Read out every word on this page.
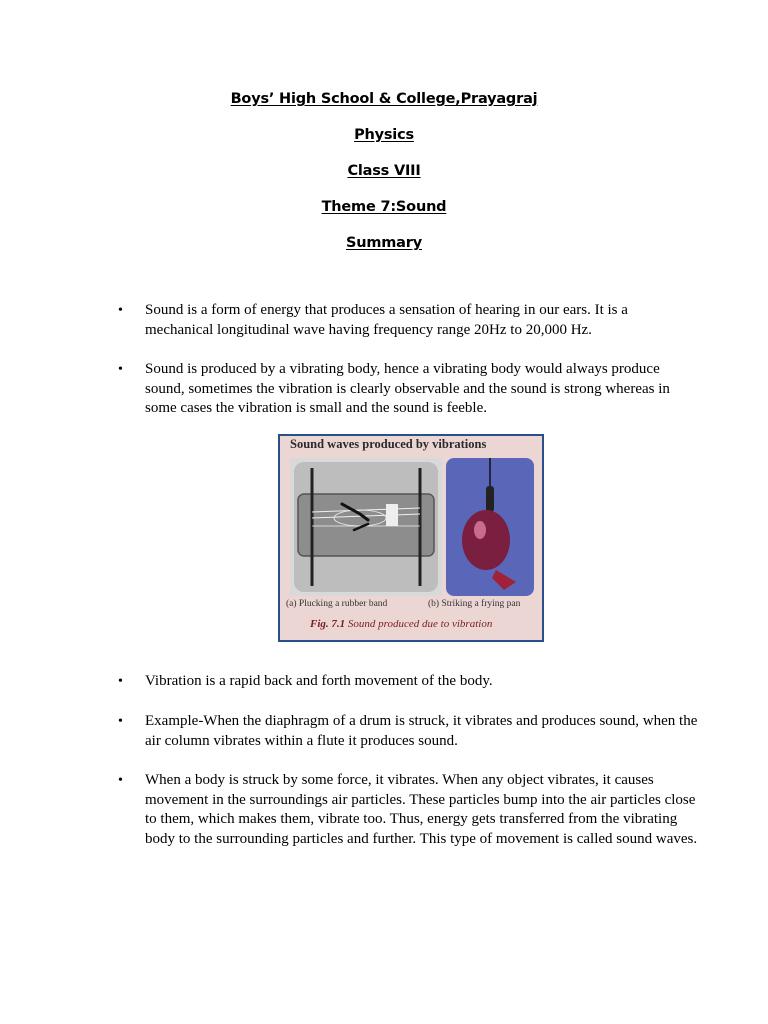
Boys’ High School & College,Prayagraj
Physics
Class VIII
Theme 7:Sound
Summary
•	Sound is a form of energy that produces a sensation of hearing in our ears. It is a mechanical longitudinal wave having frequency range 20Hz to 20,000 Hz.
•	Sound is produced by a vibrating body, hence a vibrating body would always produce sound, sometimes the vibration is clearly observable and the sound is strong whereas in some cases the vibration is small and the sound is feeble.
Sound waves produced by vibrations
(a) Plucking a rubber band	(b) Striking a frying pan
Fig. 7.1 Sound produced due to vibration
•	Vibration is a rapid back and forth movement of the body.
•	Example-When the diaphragm of a drum is struck, it vibrates and produces sound, when the air column vibrates within a flute it produces sound.
•	When a body is struck by some force, it vibrates. When any object vibrates, it causes movement in the surroundings air particles. These particles bump into the air particles close to them, which makes them, vibrate too. Thus, energy gets transferred from the vibrating body to the surrounding particles and further. This type of movement is called sound waves.
